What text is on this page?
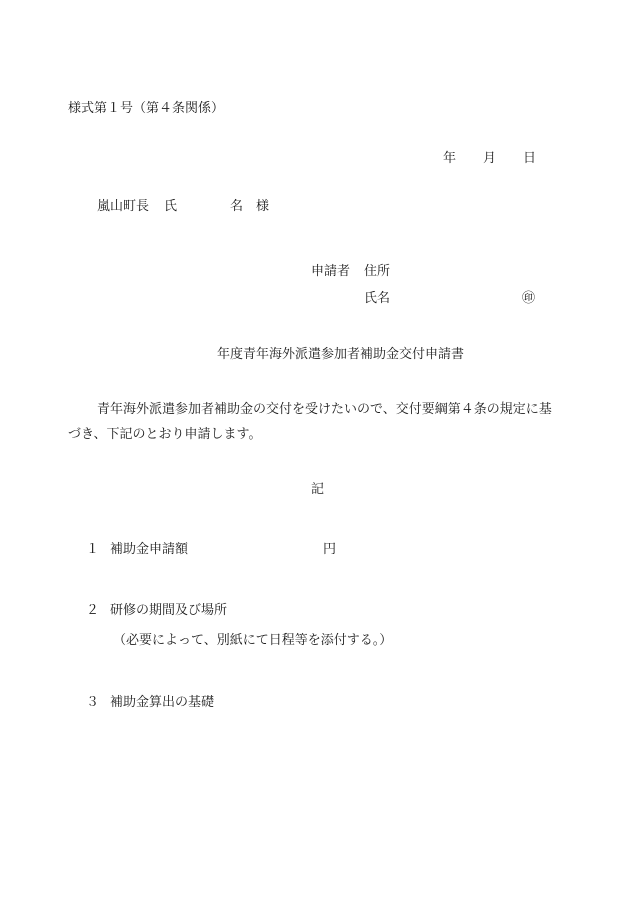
様式第１号（第４条関係）
年 月 日
嵐山町長 氏	名 様
申請者 住所
氏名	㊞
年度青年海外派遣参加者補助金交付申請書
青年海外派遣参加者補助金の交付を受けたいので、交付要綱第４条の規定に基
づき、下記のとおり申請します。
記
１ 補助金申請額	円
２ 研修の期間及び場所
（必要によって、別紙にて日程等を添付する。）
３ 補助金算出の基礎
